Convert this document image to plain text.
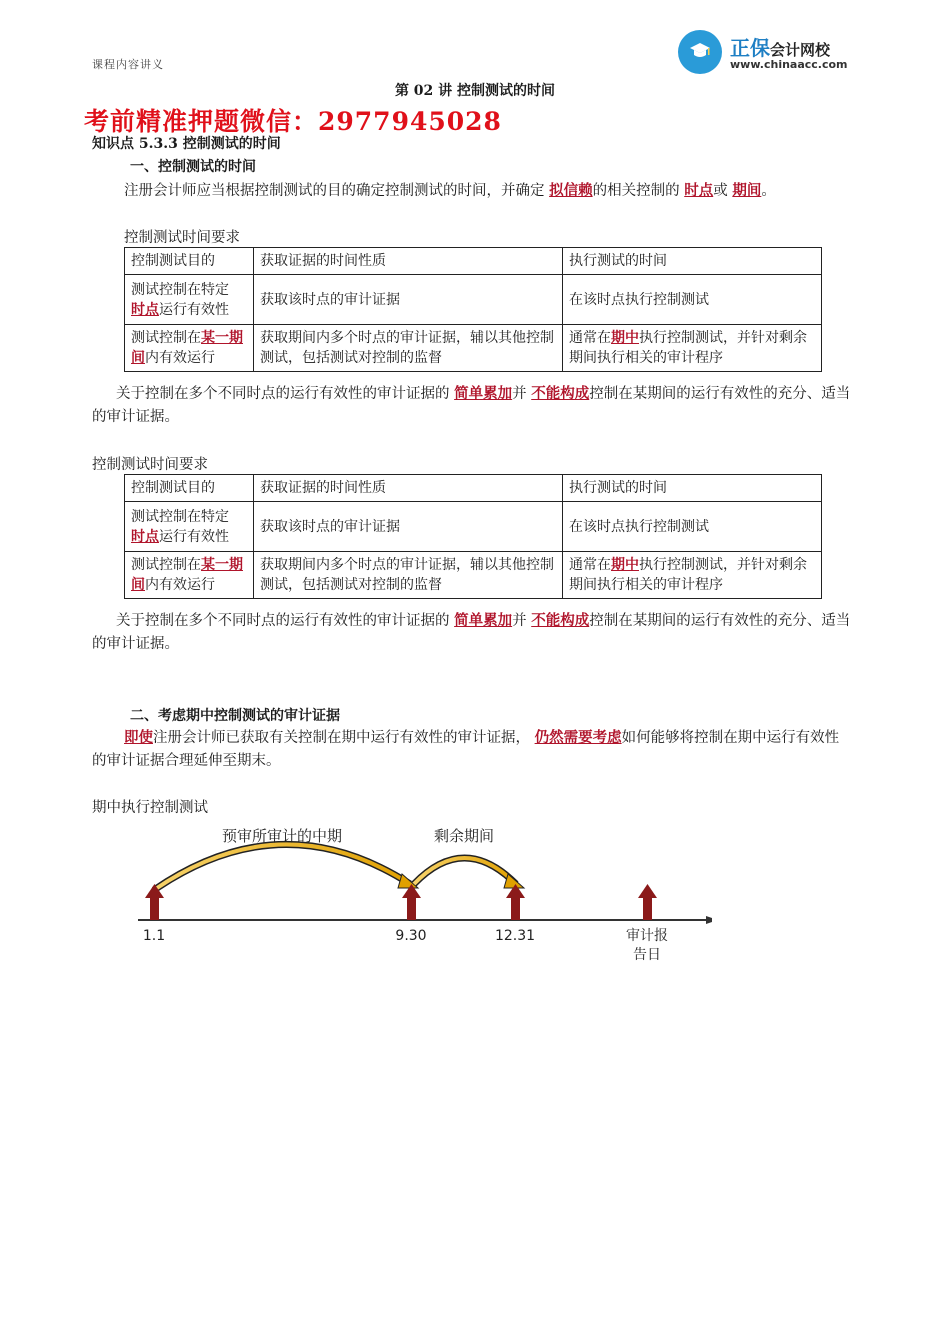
课程内容讲义
正保会计网校
www.chinaacc.com
第 02 讲 控制测试的时间
考前精准押题微信：2977945028
知识点 5.3.3 控制测试的时间
一、控制测试的时间
注册会计师应当根据控制测试的目的确定控制测试的时间，并确定 拟信赖的相关控制的 时点或 期间。
控制测试时间要求
控制测试目的	获取证据的时间性质	执行测试的时间
测试控制在特定
时点运行有效性	获取该时点的审计证据	在该时点执行控制测试
测试控制在某一期间内有效运行	获取期间内多个时点的审计证据，辅以其他控制测试，包括测试对控制的监督	通常在期中执行控制测试，并针对剩余期间执行相关的审计程序
关于控制在多个不同时点的运行有效性的审计证据的 简单累加并 不能构成控制在某期间的运行有效性的充分、适当的审计证据。
控制测试时间要求
控制测试目的	获取证据的时间性质	执行测试的时间
测试控制在特定
时点运行有效性	获取该时点的审计证据	在该时点执行控制测试
测试控制在某一期间内有效运行	获取期间内多个时点的审计证据，辅以其他控制测试，包括测试对控制的监督	通常在期中执行控制测试，并针对剩余期间执行相关的审计程序
关于控制在多个不同时点的运行有效性的审计证据的 简单累加并 不能构成控制在某期间的运行有效性的充分、适当的审计证据。
二、考虑期中控制测试的审计证据
即使注册会计师已获取有关控制在期中运行有效性的审计证据， 仍然需要考虑如何能够将控制在期中运行有效性的审计证据合理延伸至期末。
期中执行控制测试
预审所审计的中期	剩余期间
1.1	9.30	12.31	审计报
告日
